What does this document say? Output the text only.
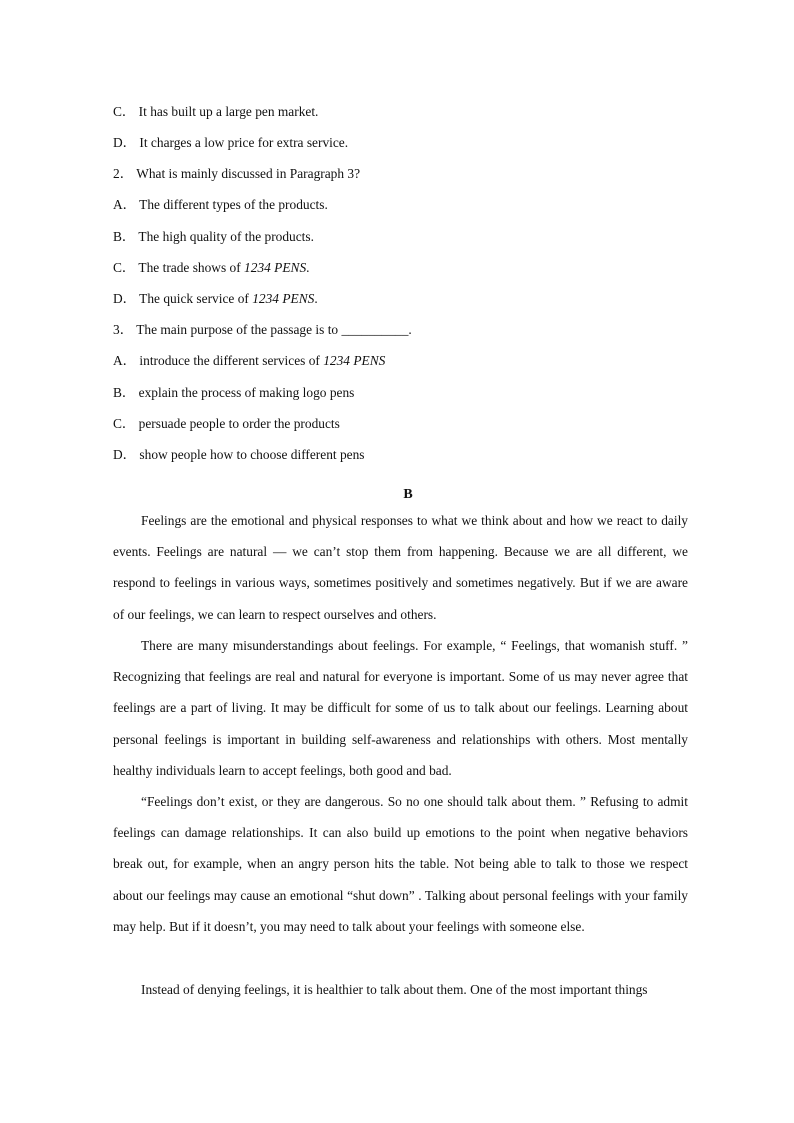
C． It has built up a large pen market.
D． It charges a low price for extra service.
2． What is mainly discussed in Paragraph 3?
A． The different types of the products.
B． The high quality of the products.
C． The trade shows of 1234 PENS.
D． The quick service of 1234 PENS.
3． The main purpose of the passage is to __________.
A． introduce the different services of 1234 PENS
B． explain the process of making logo pens
C． persuade people to order the products
D． show people how to choose different pens
B

Feelings are the emotional and physical responses to what we think about and how we react to daily events. Feelings are natural — we can’t stop them from happening. Because we are all different, we respond to feelings in various ways, sometimes positively and sometimes negatively. But if we are aware of our feelings, we can learn to respect ourselves and others.

There are many misunderstandings about feelings. For example, “ Feelings, that womanish stuff. ” Recognizing that feelings are real and natural for everyone is important. Some of us may never agree that feelings are a part of living. It may be difficult for some of us to talk about our feelings. Learning about personal feelings is important in building self-awareness and relationships with others. Most mentally healthy individuals learn to accept feelings, both good and bad.

“Feelings don’t exist, or they are dangerous. So no one should talk about them. ” Refusing to admit feelings can damage relationships. It can also build up emotions to the point when negative behaviors break out, for example, when an angry person hits the table. Not being able to talk to those we respect about our feelings may cause an emotional “shut down” . Talking about personal feelings with your family may help. But if it doesn’t, you may need to talk about your feelings with someone else.

Instead of denying feelings, it is healthier to talk about them. One of the most important things
